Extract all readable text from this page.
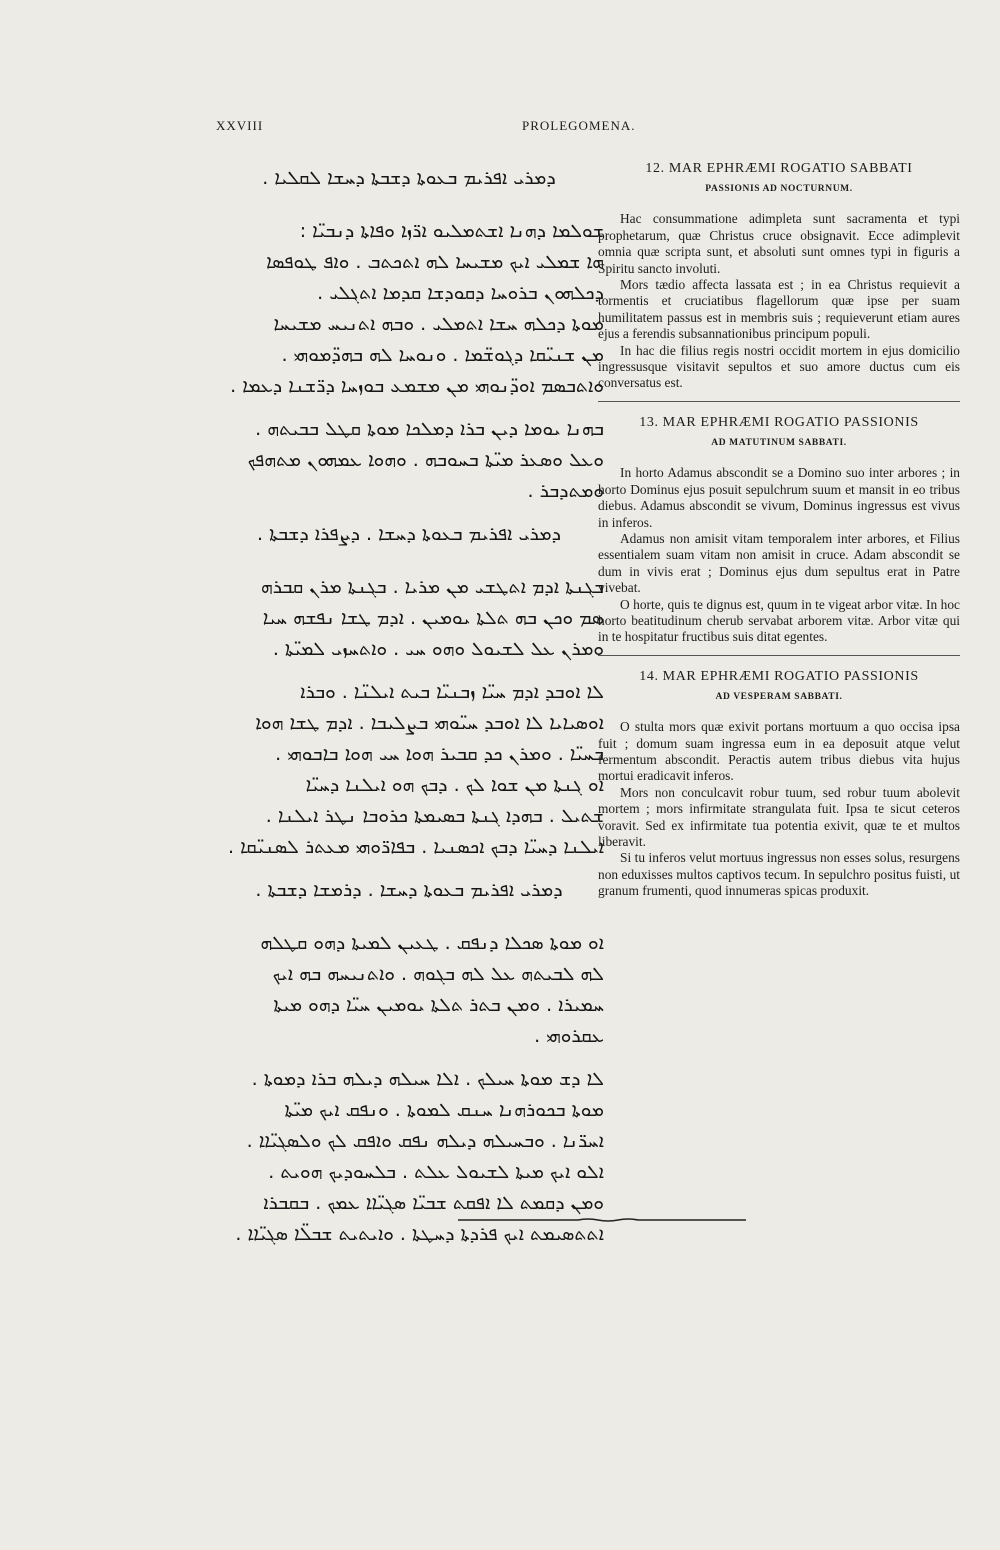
XXVIII	PROLEGOMENA.
ܕܡܪܝ ܐܦܪܝܡ ܒܥܘܬܐ ܕܫܒܬܐ ܕܚܫܐ ܠܩܠܝܐ .
ܫܘܠܡܐ ܕܗܢܐ ܐܫܬܡܠܝܘ ܐܪ̈ܙܐ ܘܦܐܬܐ ܕܢܒܝ̈ܐ :
ܗܐ ܫܡܠܝ ܐܝܟ ܡܫܝܚܐ ܠܗ ܐܬܟܬܒ . ܘܐܦ ܛܘܦܣܐ
ܕܟܠܗܘܢ ܒܪܘܚܐ ܕܩܘܕܫܐ ܩܕܡܐ ܐܬܓܠܝ .
ܡܘܬܐ ܕܟܠܗ ܚܫܐ ܐܬܡܠܝ . ܘܒܗ ܐܬܢܝܚ ܡܫܝܚܐ
ܡܢ ܫܢܝ̈ܩܐ ܕܓܘܫ̈ܡܐ . ܘܢܘܚܐ ܠܗ ܒܗܕ̈ܡܘܗܝ .
ܘܐܬܒܣܡ ܐܘܕ̈ܢܘܗܝ ܡܢ ܡܫܡܥ ܒܘܙܚܐ ܕܪ̈ܫܢܐ ܕܥܡܐ .
ܒܗܢܐ ܝܘܡܐ ܕܝܢ ܒܪܐ ܕܡܠܟܐ ܡܘܬܐ ܩܛܠ ܒܒܝܬܗ .
ܘܥܠ ܘܣܥܪ ܡܝ̈ܬܐ ܒܚܘܒܗ . ܘܗܘܐ ܥܡܗܘܢ ܡܬܗܦܟ
ܘܡܬܕܒܪ .
ܕܡܪܝ ܐܦܪܝܡ ܒܥܘܬܐ ܕܚܫܐ . ܕܨܦܪܐ ܕܫܒܬܐ .
ܒܓܢܬܐ ܐܕܡ ܐܬܛܫܝ ܡܢ ܡܪܝܐ . ܒܓܢܬܐ ܡܪܢ ܩܒܪܗ
ܣܡ ܘܟܢ ܒܗ ܬܠܬܐ ܝܘܡܝܢ . ܐܕܡ ܛܫܐ ܢܦܫܗ ܚܝܐ
ܘܡܪܢ ܥܠ ܠܫܝܘܠ ܘܗܘ ܚܝ . ܘܐܬܚܙܝ ܠܡܝ̈ܬܐ .
ܠܐ ܐܘܒܕ ܐܕܡ ܚܝ̈ܐ ܙܒܢܝ̈ܐ ܒܝܬ ܐܝܠܢ̈ܐ . ܘܒܪܐ
ܐܘܣܝܐܝܐ ܠܐ ܐܘܒܕ ܚܝ̈ܘܗܝ ܒܨܠܝܒܐ . ܐܕܡ ܛܫܐ ܗܘܐ
ܒܚܝ̈ܐ . ܘܡܪܢ ܟܕ ܩܒܝܪ ܗܘܐ ܚܝ ܗܘܐ ܒܐܒܘܗܝ .
ܐܘ ܓܢܬܐ ܡܢ ܫܘܐ ܠܟ . ܕܒܟ ܗܘ ܐܝܠܢܐ ܕܚܝ̈ܐ
ܫܬܝܠ . ܒܗܕܐ ܓܢܬܐ ܒܣܝܡܬܐ ܟܪܘܒܐ ܢܛܪ ܐܝܠܢܐ .
ܐܝܠܢܐ ܕܚܝ̈ܐ ܕܒܟ ܐܟܣܢܝܐ . ܒܦܐܪ̈ܘܗܝ ܡܥܬܪ ܠܣܢܝ̈ܩܐ .
ܕܡܪܝ ܐܦܪܝܡ ܒܥܘܬܐ ܕܚܫܐ . ܕܪܡܫܐ ܕܫܒܬܐ .
ܐܘ ܡܘܬܐ ܣܟܠܐ ܕܢܦܩ . ܛܥܝܢ ܠܡܝܬܐ ܕܗܘ ܩܛܠܗ
ܠܗ ܠܒܝܬܗ ܥܠ ܠܗ ܒܓܘܗ . ܘܐܬܢܝܚܗ ܒܗ ܐܝܟ
ܚܡܝܪܐ . ܘܡܢ ܒܬܪ ܬܠܬܐ ܝܘܡܝܢ ܚܝ̈ܐ ܕܗܘ ܡܝܬܐ
ܥܩܪܘܗܝ .
ܠܐ ܕܫ ܡܘܬܐ ܚܝܠܟ . ܐܠܐ ܚܝܠܗ ܕܝܠܗ ܒܪܐ ܕܡܘܬܐ .
ܡܘܬܐ ܒܟܘܪܗܢܐ ܚܢܩ ܠܡܘܬܐ . ܘܢܦܩ ܐܝܟ ܡܝ̈ܬܐ
ܐܚܪ̈ܢܐ . ܘܒܚܝܠܗ ܕܝܠܗ ܢܦܩ ܘܐܦܩ ܠܟ ܘܠܣܓܝ̈ܐܐ .
ܐܠܘ ܐܝܟ ܡܝܬܐ ܠܫܝܘܠ ܥܠܬ . ܒܠܚܘܕܝܟ ܗܘܝܬ .
ܘܡܢ ܕܩܡܬ ܠܐ ܐܦܩܬ ܫܒܝ̈ܐ ܣܓܝ̈ܐܐ ܥܡܟ . ܒܩܒܪܐ
ܐܬܬܣܝܡܬ ܐܝܟ ܦܪܕܬܐ ܕܚܛܬܐ . ܘܐܝܬܝܬ ܫܒܠ̈ܐ ܣܓܝ̈ܐܐ .
12. MAR EPHRÆMI ROGATIO SABBATI
PASSIONIS AD NOCTURNUM.

Hac consummatione adimpleta sunt sacramenta et typi prophetarum, quæ Christus cruce obsignavit. Ecce adimplevit omnia quæ scripta sunt, et absoluti sunt omnes typi in figuris a Spiritu sancto involuti.

Mors tædio affecta lassata est ; in ea Christus requievit a tormentis et cruciatibus flagellorum quæ ipse per suam humilitatem passus est in membris suis ; requieverunt etiam aures ejus a ferendis subsannationibus principum populi.

In hac die filius regis nostri occidit mortem in ejus domicilio ingressusque visitavit sepultos et suo amore ductus cum eis conversatus est.

13. MAR EPHRÆMI ROGATIO PASSIONIS
AD MATUTINUM SABBATI.

In horto Adamus abscondit se a Domino suo inter arbores ; in horto Dominus ejus posuit sepulchrum suum et mansit in eo tribus diebus. Adamus abscondit se vivum, Dominus ingressus est vivus in inferos.

Adamus non amisit vitam temporalem inter arbores, et Filius essentialem suam vitam non amisit in cruce. Adam abscondit se dum in vivis erat ; Dominus ejus dum sepultus erat in Patre vivebat.

O horte, quis te dignus est, quum in te vigeat arbor vitæ. In hoc horto beatitudinum cherub servabat arborem vitæ. Arbor vitæ qui in te hospitatur fructibus suis ditat egentes.

14. MAR EPHRÆMI ROGATIO PASSIONIS
AD VESPERAM SABBATI.

O stulta mors quæ exivit portans mortuum a quo occisa ipsa fuit ; domum suam ingressa eum in ea deposuit atque velut fermentum abscondit. Peractis autem tribus diebus vita hujus mortui eradicavit inferos.

Mors non conculcavit robur tuum, sed robur tuum abolevit mortem ; mors infirmitate strangulata fuit. Ipsa te sicut ceteros voravit. Sed ex infirmitate tua potentia exivit, quæ te et multos liberavit.

Si tu inferos velut mortuus ingressus non esses solus, resurgens non eduxisses multos captivos tecum. In sepulchro positus fuisti, ut granum frumenti, quod innumeras spicas produxit.
